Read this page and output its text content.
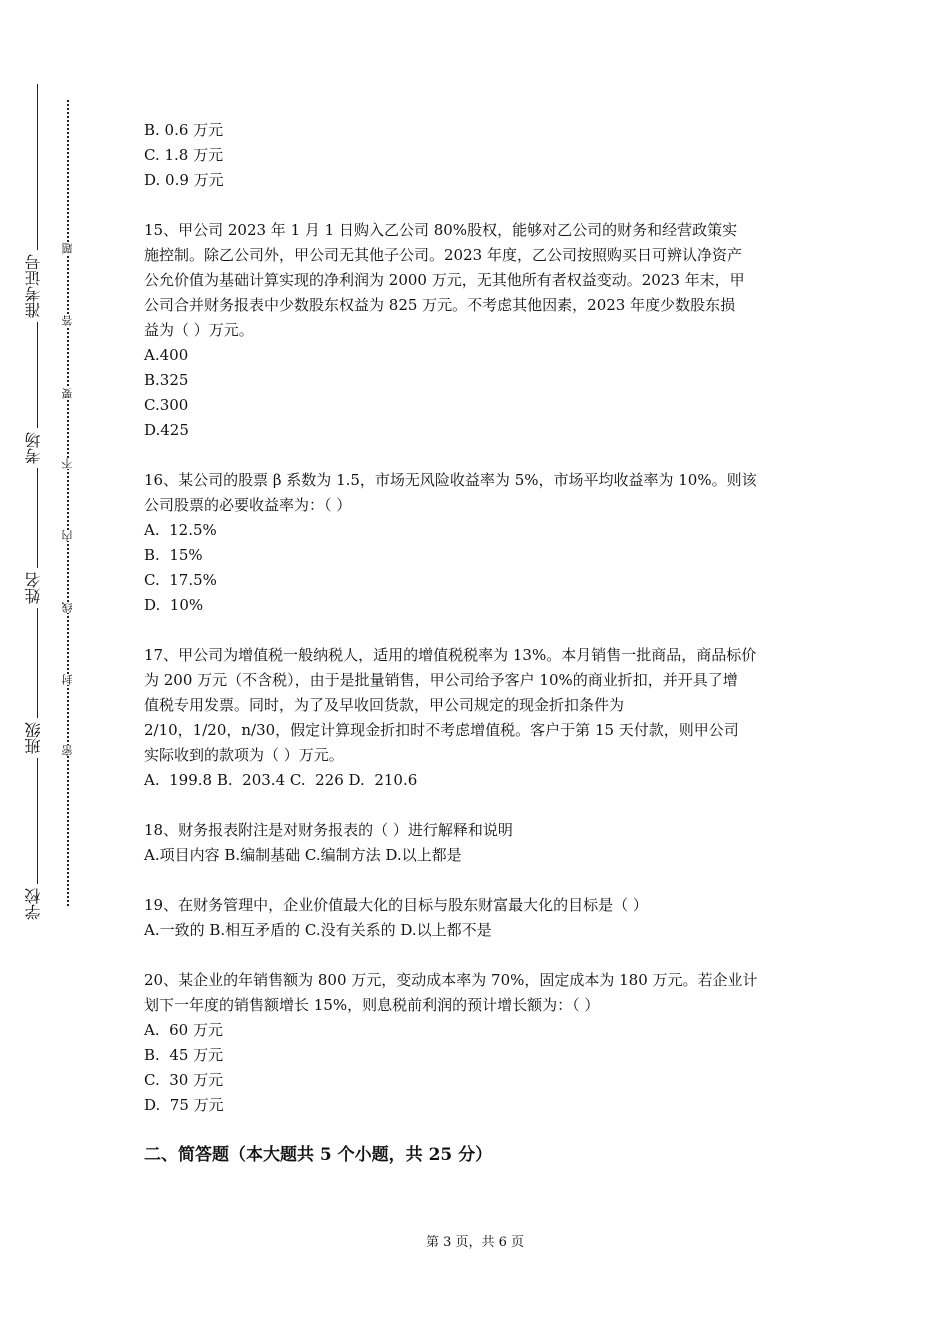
准考证号
考场
姓名
班级
学校
题
答
要
不
内
线
封
密

B. 0.6 万元

C. 1.8 万元

D. 0.9 万元

15、甲公司 2023 年 1 月 1 日购入乙公司 80%股权，能够对乙公司的财务和经营政策实

施控制。除乙公司外，甲公司无其他子公司。2023 年度，乙公司按照购买日可辨认净资产

公允价值为基础计算实现的净利润为 2000 万元，无其他所有者权益变动。2023 年末，甲

公司合并财务报表中少数股东权益为 825 万元。不考虑其他因素，2023 年度少数股东损

益为（ ）万元。

A.400

B.325

C.300

D.425

16、某公司的股票 β 系数为 1.5，市场无风险收益率为 5%，市场平均收益率为 10%。则该

公司股票的必要收益率为：（ ）

A.  12.5%

B.  15%

C.  17.5%

D.  10%

17、甲公司为增值税一般纳税人，适用的增值税税率为 13%。本月销售一批商品，商品标价

为 200 万元（不含税），由于是批量销售，甲公司给予客户 10%的商业折扣，并开具了增

值税专用发票。同时，为了及早收回货款，甲公司规定的现金折扣条件为

2/10，1/20，n/30，假定计算现金折扣时不考虑增值税。客户于第 15 天付款，则甲公司

实际收到的款项为（ ）万元。

A.  199.8 B.  203.4 C.  226 D.  210.6

18、财务报表附注是对财务报表的（ ）进行解释和说明

A.项目内容 B.编制基础 C.编制方法 D.以上都是

19、在财务管理中，企业价值最大化的目标与股东财富最大化的目标是（ ）

A.一致的 B.相互矛盾的 C.没有关系的 D.以上都不是

20、某企业的年销售额为 800 万元，变动成本率为 70%，固定成本为 180 万元。若企业计

划下一年度的销售额增长 15%，则息税前利润的预计增长额为：（ ）

A.  60 万元

B.  45 万元

C.  30 万元

D.  75 万元

二、简答题（本大题共 5 个小题，共 25 分）

第 3 页，共 6 页
